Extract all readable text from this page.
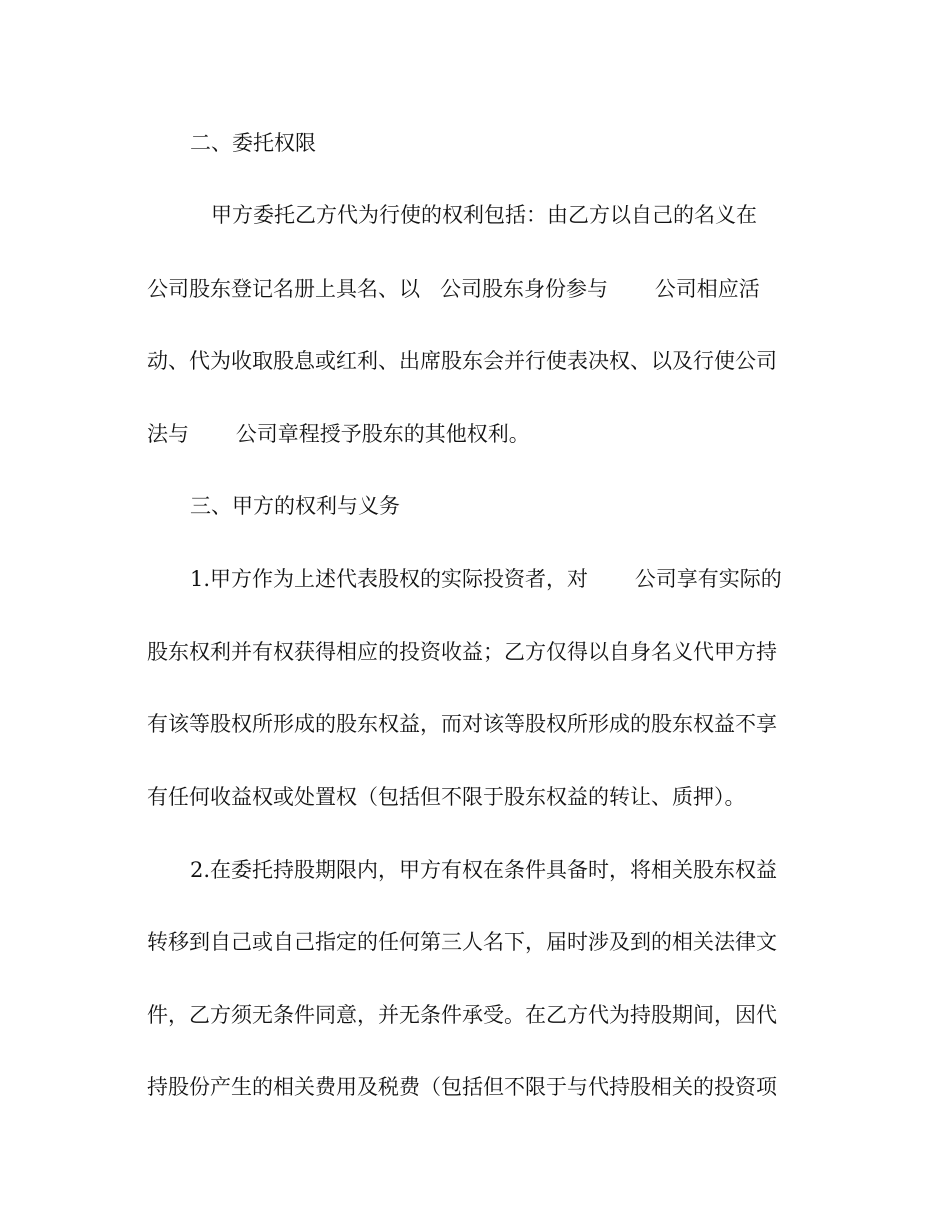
二、委托权限

甲方委托乙方代为行使的权利包括：由乙方以自己的名义在

公司股东登记名册上具名、以   公司股东身份参与       公司相应活

动、代为收取股息或红利、出席股东会并行使表决权、以及行使公司

法与       公司章程授予股东的其他权利。

三、甲方的权利与义务

1.甲方作为上述代表股权的实际投资者，对       公司享有实际的

股东权利并有权获得相应的投资收益；乙方仅得以自身名义代甲方持

有该等股权所形成的股东权益，而对该等股权所形成的股东权益不享

有任何收益权或处置权（包括但不限于股东权益的转让、质押）。

2.在委托持股期限内，甲方有权在条件具备时，将相关股东权益

转移到自己或自己指定的任何第三人名下，届时涉及到的相关法律文

件，乙方须无条件同意，并无条件承受。在乙方代为持股期间，因代

持股份产生的相关费用及税费（包括但不限于与代持股相关的投资项
